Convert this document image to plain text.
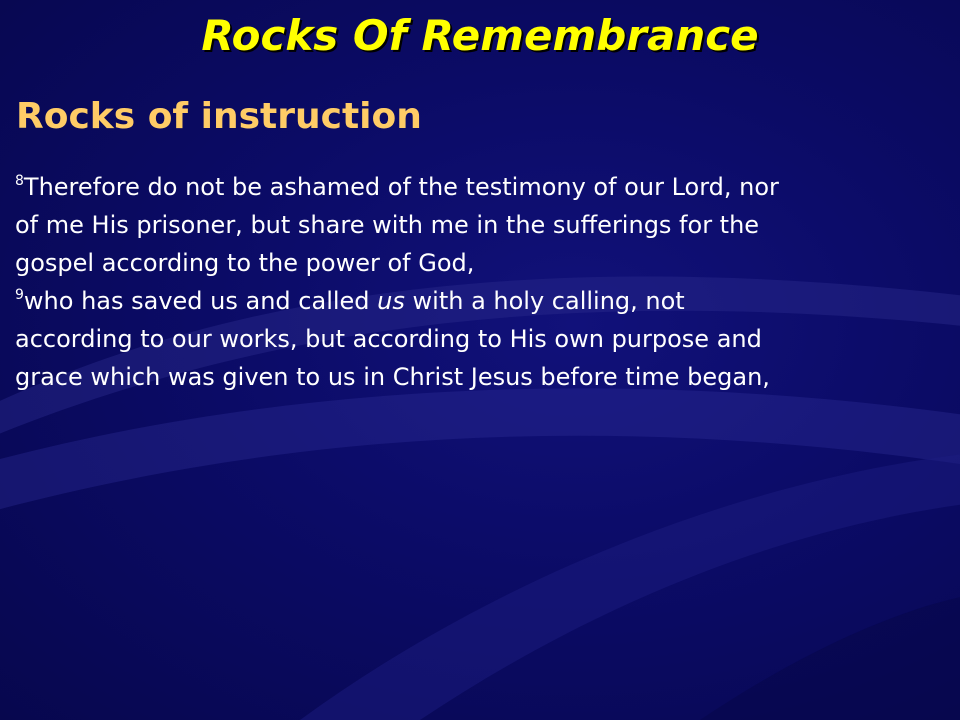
Rocks Of Remembrance
Rocks of instruction
$^8$Therefore do not be ashamed of the testimony of our Lord, nor
of me His prisoner, but share with me in the sufferings for the
gospel according to the power of God,
$^9$who has saved us and called us with a holy calling, not
according to our works, but according to His own purpose and
grace which was given to us in Christ Jesus before time began,
